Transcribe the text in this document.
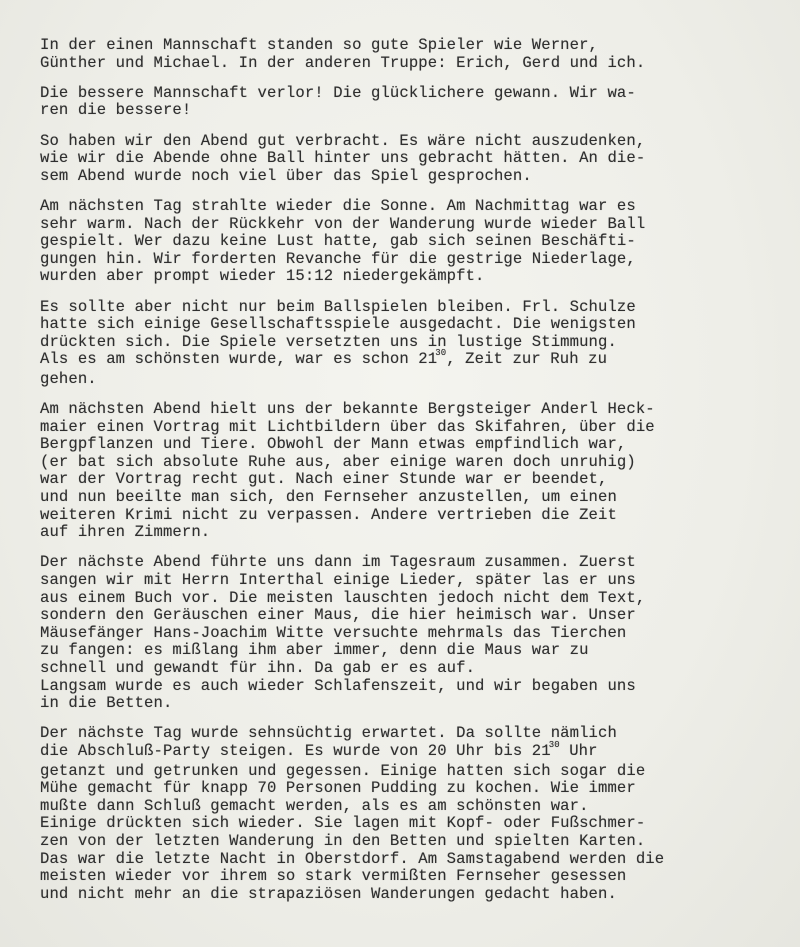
In der einen Mannschaft standen so gute Spieler wie Werner,
Günther und Michael. In der anderen Truppe: Erich, Gerd und ich.
Die bessere Mannschaft verlor! Die glücklichere gewann. Wir wa-
ren die bessere!
So haben wir den Abend gut verbracht. Es wäre nicht auszudenken,
wie wir die Abende ohne Ball hinter uns gebracht hätten. An die-
sem Abend wurde noch viel über das Spiel gesprochen.
Am nächsten Tag strahlte wieder die Sonne. Am Nachmittag war es
sehr warm. Nach der Rückkehr von der Wanderung wurde wieder Ball
gespielt. Wer dazu keine Lust hatte, gab sich seinen Beschäfti-
gungen hin. Wir forderten Revanche für die gestrige Niederlage,
wurden aber prompt wieder 15:12 niedergekämpft.
Es sollte aber nicht nur beim Ballspielen bleiben. Frl. Schulze
hatte sich einige Gesellschaftsspiele ausgedacht. Die wenigsten
drückten sich. Die Spiele versetzten uns in lustige Stimmung.
Als es am schönsten wurde, war es schon $21^{30}$, Zeit zur Ruh zu
gehen.
Am nächsten Abend hielt uns der bekannte Bergsteiger Anderl Heck-
maier einen Vortrag mit Lichtbildern über das Skifahren, über die
Bergpflanzen und Tiere. Obwohl der Mann etwas empfindlich war,
(er bat sich absolute Ruhe aus, aber einige waren doch unruhig)
war der Vortrag recht gut. Nach einer Stunde war er beendet,
und nun beeilte man sich, den Fernseher anzustellen, um einen
weiteren Krimi nicht zu verpassen. Andere vertrieben die Zeit
auf ihren Zimmern.
Der nächste Abend führte uns dann im Tagesraum zusammen. Zuerst
sangen wir mit Herrn Interthal einige Lieder, später las er uns
aus einem Buch vor. Die meisten lauschten jedoch nicht dem Text,
sondern den Geräuschen einer Maus, die hier heimisch war. Unser
Mäusefänger Hans-Joachim Witte versuchte mehrmals das Tierchen
zu fangen: es mißlang ihm aber immer, denn die Maus war zu
schnell und gewandt für ihn. Da gab er es auf.
Langsam wurde es auch wieder Schlafenszeit, und wir begaben uns
in die Betten.
Der nächste Tag wurde sehnsüchtig erwartet. Da sollte nämlich
die Abschluß-Party steigen. Es wurde von 20 Uhr bis $21^{30}$ Uhr
getanzt und getrunken und gegessen. Einige hatten sich sogar die
Mühe gemacht für knapp 70 Personen Pudding zu kochen. Wie immer
mußte dann Schluß gemacht werden, als es am schönsten war.
Einige drückten sich wieder. Sie lagen mit Kopf- oder Fußschmer-
zen von der letzten Wanderung in den Betten und spielten Karten.
Das war die letzte Nacht in Oberstdorf. Am Samstagabend werden die
meisten wieder vor ihrem so stark vermißten Fernseher gesessen
und nicht mehr an die strapaziösen Wanderungen gedacht haben.
